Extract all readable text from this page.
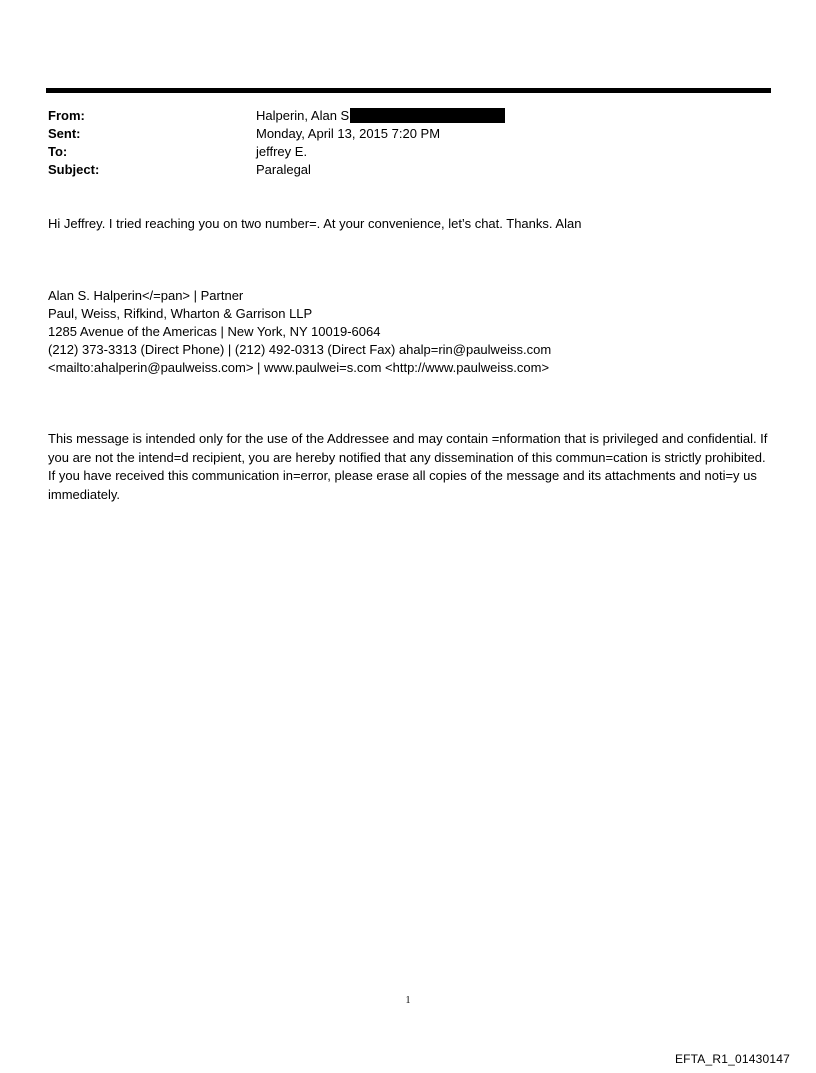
From:	Halperin, Alan S
Sent:	Monday, April 13, 2015 7:20 PM
To:	jeffrey E.
Subject:	Paralegal
Hi Jeffrey. I tried reaching you on two number=. At your convenience, let’s chat. Thanks. Alan
Alan S. Halperin</=pan> | Partner
Paul, Weiss, Rifkind, Wharton & Garrison LLP
1285 Avenue of the Americas | New York, NY 10019-6064
(212) 373-3313 (Direct Phone) | (212) 492-0313 (Direct Fax) ahalp=rin@paulweiss.com
<mailto:ahalperin@paulweiss.com> | www.paulwei=s.com <http://www.paulweiss.com>
This message is intended only for the use of the Addressee and may contain =nformation that is privileged and confidential. If you are not the intend=d recipient, you are hereby notified that any dissemination of this commun=cation is strictly prohibited. If you have received this communication in=error, please erase all copies of the message and its attachments and noti=y us immediately.
1
EFTA_R1_01430147
